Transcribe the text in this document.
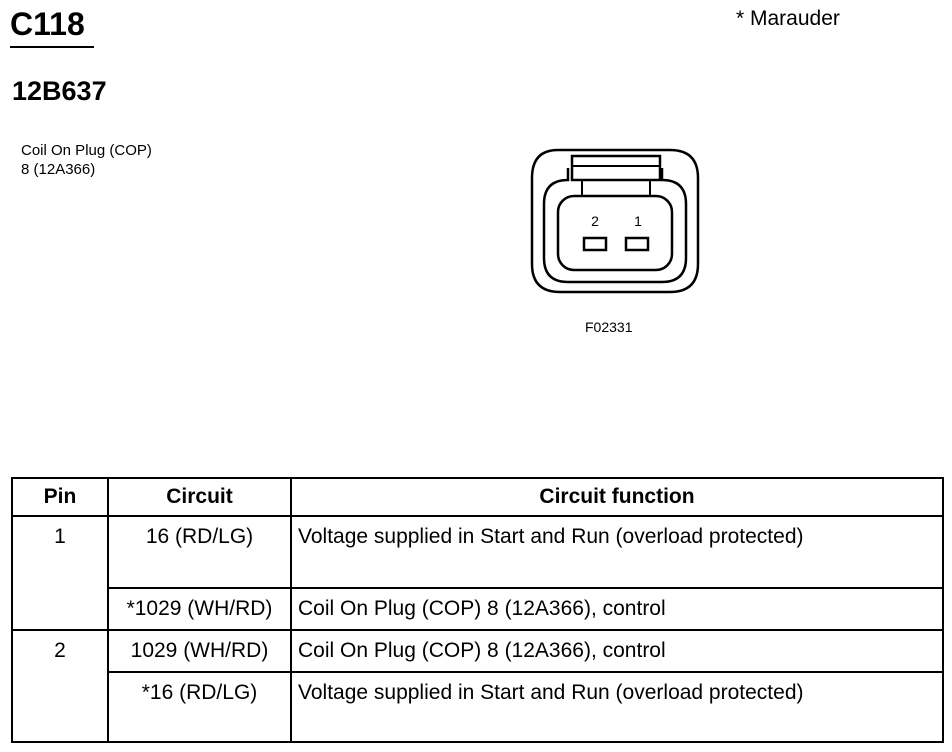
C118
12B637
* Marauder
Coil On Plug (COP)
8 (12A366)
2	1
F02331
Pin	Circuit	Circuit function
1	16 (RD/LG)	Voltage supplied in Start and Run (overload protected)
	*1029 (WH/RD)	Coil On Plug (COP) 8 (12A366), control
2	1029 (WH/RD)	Coil On Plug (COP) 8 (12A366), control
	*16 (RD/LG)	Voltage supplied in Start and Run (overload protected)
